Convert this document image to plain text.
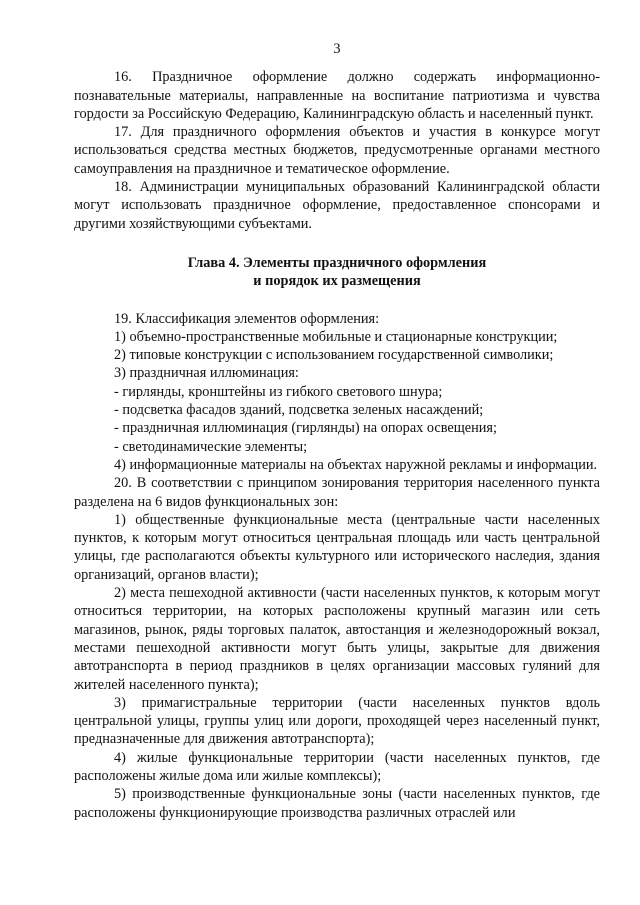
3

16. Праздничное оформление должно содержать информационно-познавательные материалы, направленные на воспитание патриотизма и чувства гордости за Российскую Федерацию, Калининградскую область и населенный пункт.

17. Для праздничного оформления объектов и участия в конкурсе могут использоваться средства местных бюджетов, предусмотренные органами местного самоуправления на праздничное и тематическое оформление.

18. Администрации муниципальных образований Калининградской области могут использовать праздничное оформление, предоставленное спонсорами и другими хозяйствующими субъектами.

Глава 4. Элементы праздничного оформления
и порядок их размещения

19. Классификация элементов оформления:

1) объемно-пространственные мобильные и стационарные конструкции;

2) типовые конструкции с использованием государственной символики;

3) праздничная иллюминация:

- гирлянды, кронштейны из гибкого светового шнура;

- подсветка фасадов зданий, подсветка зеленых насаждений;

- праздничная иллюминация (гирлянды) на опорах освещения;

- светодинамические элементы;

4) информационные материалы на объектах наружной рекламы и информации.

20. В соответствии с принципом зонирования территория населенного пункта разделена на 6 видов функциональных зон:

1) общественные функциональные места (центральные части населенных пунктов, к которым могут относиться центральная площадь или часть центральной улицы, где располагаются объекты культурного или исторического наследия, здания организаций, органов власти);

2) места пешеходной активности (части населенных пунктов, к которым могут относиться территории, на которых расположены крупный магазин или сеть магазинов, рынок, ряды торговых палаток, автостанция и железнодорожный вокзал, местами пешеходной активности могут быть улицы, закрытые для движения автотранспорта в период праздников в целях организации массовых гуляний для жителей населенного пункта);

3) примагистральные территории (части населенных пунктов вдоль центральной улицы, группы улиц или дороги, проходящей через населенный пункт, предназначенные для движения автотранспорта);

4) жилые функциональные территории (части населенных пунктов, где расположены жилые дома или жилые комплексы);

5) производственные функциональные зоны (части населенных пунктов, где расположены функционирующие производства различных отраслей или
